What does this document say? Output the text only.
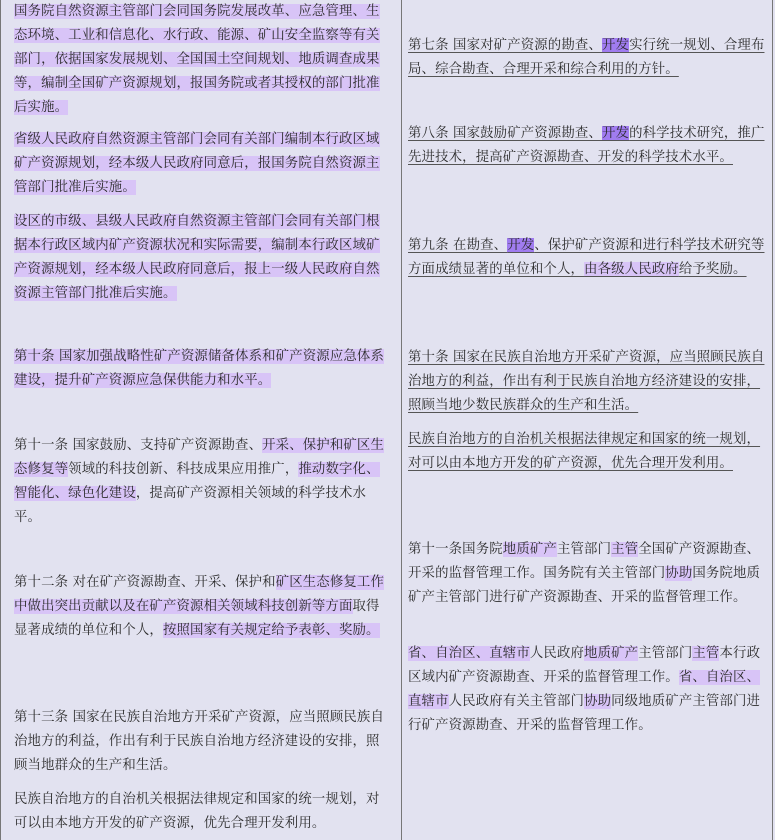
国务院自然资源主管部门会同国务院发展改革、应急管理、生态环境、工业和信息化、水行政、能源、矿山安全监察等有关部门，依据国家发展规划、全国国土空间规划、地质调查成果等，编制全国矿产资源规划，报国务院或者其授权的部门批准后实施。

省级人民政府自然资源主管部门会同有关部门编制本行政区域矿产资源规划，经本级人民政府同意后，报国务院自然资源主管部门批准后实施。

设区的市级、县级人民政府自然资源主管部门会同有关部门根据本行政区域内矿产资源状况和实际需要，编制本行政区域矿产资源规划，经本级人民政府同意后，报上一级人民政府自然资源主管部门批准后实施。

第十条 国家加强战略性矿产资源储备体系和矿产资源应急体系建设，提升矿产资源应急保供能力和水平。

第十一条 国家鼓励、支持矿产资源勘查、开采、保护和矿区生态修复等领域的科技创新、科技成果应用推广，推动数字化、智能化、绿色化建设，提高矿产资源相关领域的科学技术水平。

第十二条 对在矿产资源勘查、开采、保护和矿区生态修复工作中做出突出贡献以及在矿产资源相关领域科技创新等方面取得显著成绩的单位和个人，按照国家有关规定给予表彰、奖励。

第十三条 国家在民族自治地方开采矿产资源，应当照顾民族自治地方的利益，作出有利于民族自治地方经济建设的安排，照顾当地群众的生产和生活。

民族自治地方的自治机关根据法律规定和国家的统一规划，对可以由本地方开发的矿产资源，优先合理开发利用。

第七条 国家对矿产资源的勘查、开发实行统一规划、合理布局、综合勘查、合理开采和综合利用的方针。

第八条 国家鼓励矿产资源勘查、开发的科学技术研究，推广先进技术，提高矿产资源勘查、开发的科学技术水平。

第九条 在勘查、开发、保护矿产资源和进行科学技术研究等方面成绩显著的单位和个人，由各级人民政府给予奖励。

第十条 国家在民族自治地方开采矿产资源，应当照顾民族自治地方的利益，作出有利于民族自治地方经济建设的安排，照顾当地少数民族群众的生产和生活。

民族自治地方的自治机关根据法律规定和国家的统一规划，对可以由本地方开发的矿产资源，优先合理开发利用。

第十一条国务院地质矿产主管部门主管全国矿产资源勘查、开采的监督管理工作。国务院有关主管部门协助国务院地质矿产主管部门进行矿产资源勘查、开采的监督管理工作。

省、自治区、直辖市人民政府地质矿产主管部门主管本行政区域内矿产资源勘查、开采的监督管理工作。省、自治区、直辖市人民政府有关主管部门协助同级地质矿产主管部门进行矿产资源勘查、开采的监督管理工作。
